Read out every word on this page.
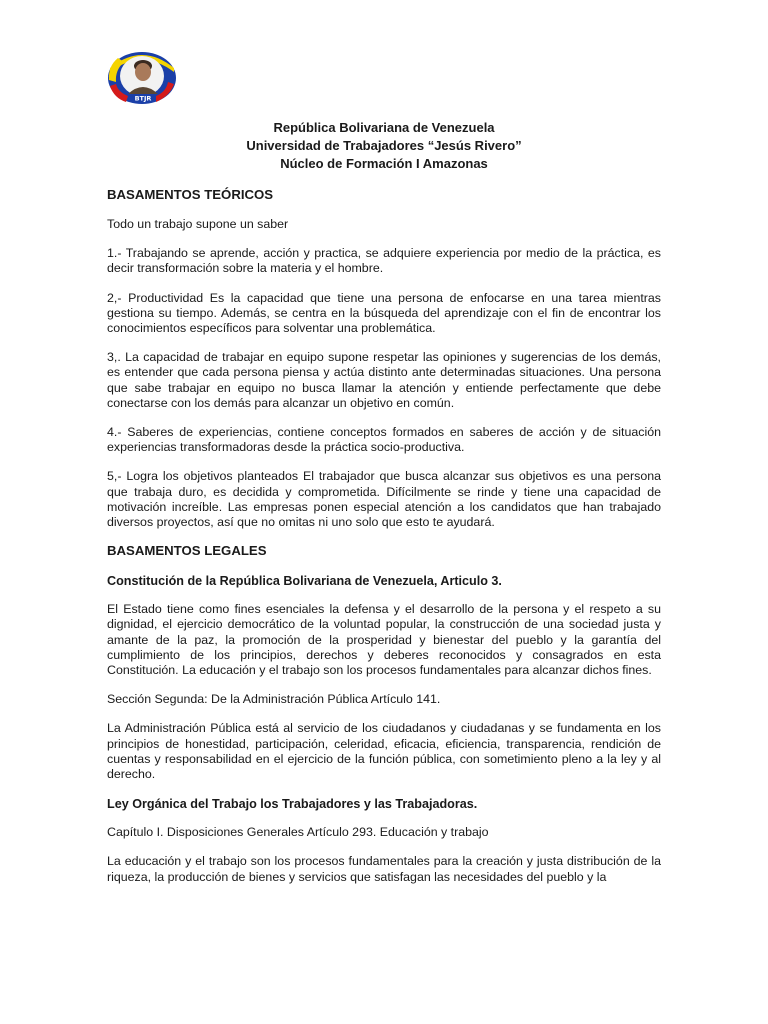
BTJR
República Bolivariana de Venezuela
Universidad de Trabajadores “Jesús Rivero”
Núcleo de Formación I Amazonas
BASAMENTOS TEÓRICOS

Todo un trabajo supone un saber

1.- Trabajando se aprende, acción y practica, se adquiere experiencia por medio de la práctica, es decir transformación sobre la materia y el hombre.

2,- Productividad Es la capacidad que tiene una persona de enfocarse en una tarea mientras gestiona su tiempo. Además, se centra en la búsqueda del aprendizaje con el fin de encontrar los conocimientos específicos para solventar una problemática.

3,. La capacidad de trabajar en equipo supone respetar las opiniones y sugerencias de los demás, es entender que cada persona piensa y actúa distinto ante determinadas situaciones. Una persona que sabe trabajar en equipo no busca llamar la atención y entiende perfectamente que debe conectarse con los demás para alcanzar un objetivo en común.

4.- Saberes de experiencias, contiene conceptos formados en saberes de acción y de situación experiencias transformadoras desde la práctica socio-productiva.

5,- Logra los objetivos planteados El trabajador que busca alcanzar sus objetivos es una persona que trabaja duro, es decidida y comprometida. Difícilmente se rinde y tiene una capacidad de motivación increíble. Las empresas ponen especial atención a los candidatos que han trabajado diversos proyectos, así que no omitas ni uno solo que esto te ayudará.

BASAMENTOS LEGALES
Constitución de la República Bolivariana de Venezuela, Articulo 3.

El Estado tiene como fines esenciales la defensa y el desarrollo de la persona y el respeto a su dignidad, el ejercicio democrático de la voluntad popular, la construcción de una sociedad justa y amante de la paz, la promoción de la prosperidad y bienestar del pueblo y la garantía del cumplimiento de los principios, derechos y deberes reconocidos y consagrados en esta Constitución. La educación y el trabajo son los procesos fundamentales para alcanzar dichos fines.

Sección Segunda: De la Administración Pública Artículo 141.

La Administración Pública está al servicio de los ciudadanos y ciudadanas y se fundamenta en los principios de honestidad, participación, celeridad, eficacia, eficiencia, transparencia, rendición de cuentas y responsabilidad en el ejercicio de la función pública, con sometimiento pleno a la ley y al derecho.

Ley Orgánica del Trabajo los Trabajadores y las Trabajadoras.

Capítulo I. Disposiciones Generales Artículo 293. Educación y trabajo

La educación y el trabajo son los procesos fundamentales para la creación y justa distribución de la riqueza, la producción de bienes y servicios que satisfagan las necesidades del pueblo y la
